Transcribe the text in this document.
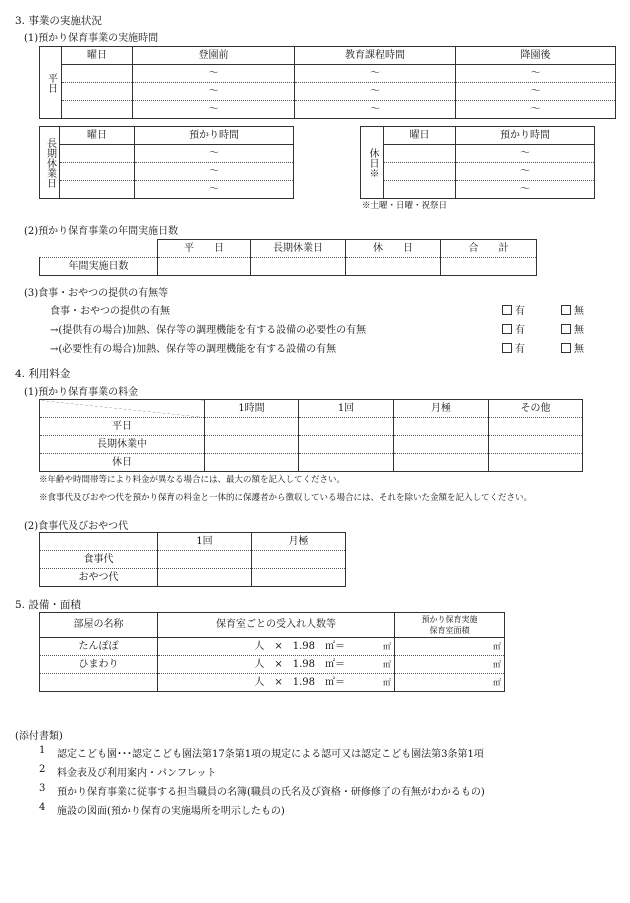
3. 事業の実施状況
(1)預かり保育事業の実施時間
平日	曜日	登園前	教育課程時間	降園後
		～	～	～
		～	～	～
		～	～	～
長期休業日	曜日	預かり時間
		～
		～
		～
休日※	曜日	預かり時間
		～
		～
		～
※土曜・日曜・祝祭日
(2)預かり保育事業の年間実施日数
	平　　日	長期休業日	休　　日	合　　計
年間実施日数				
(3)食事・おやつの提供の有無等
食事・おやつの提供の有無	有	無
→(提供有の場合)加熱、保存等の調理機能を有する設備の必要性の有無	有	無
→(必要性有の場合)加熱、保存等の調理機能を有する設備の有無	有	無
4. 利用料金
(1)預かり保育事業の料金
	1時間	1回	月極	その他
平日				
長期休業中				
休日				
※年齢や時間帯等により料金が異なる場合には、最大の額を記入してください。
※食事代及びおやつ代を預かり保育の料金と一体的に保護者から徴収している場合には、それを除いた金額を記入してください。
(2)食事代及びおやつ代
	1回	月極
食事代		
おやつ代		
5. 設備・面積
部屋の名称	保育室ごとの受入れ人数等	預かり保育実施
保育室面積

たんぽぽ	人　×　1.98　㎡＝ ㎡	㎡
ひまわり	人　×　1.98　㎡＝ ㎡	㎡
	人　×　1.98　㎡＝ ㎡	㎡
(添付書類)
1 認定こども園･･･認定こども園法第17条第1項の規定による認可又は認定こども園法第3条第1項
2 料金表及び利用案内・パンフレット
3 預かり保育事業に従事する担当職員の名簿(職員の氏名及び資格・研修修了の有無がわかるもの)
4 施設の図面(預かり保育の実施場所を明示したもの)
